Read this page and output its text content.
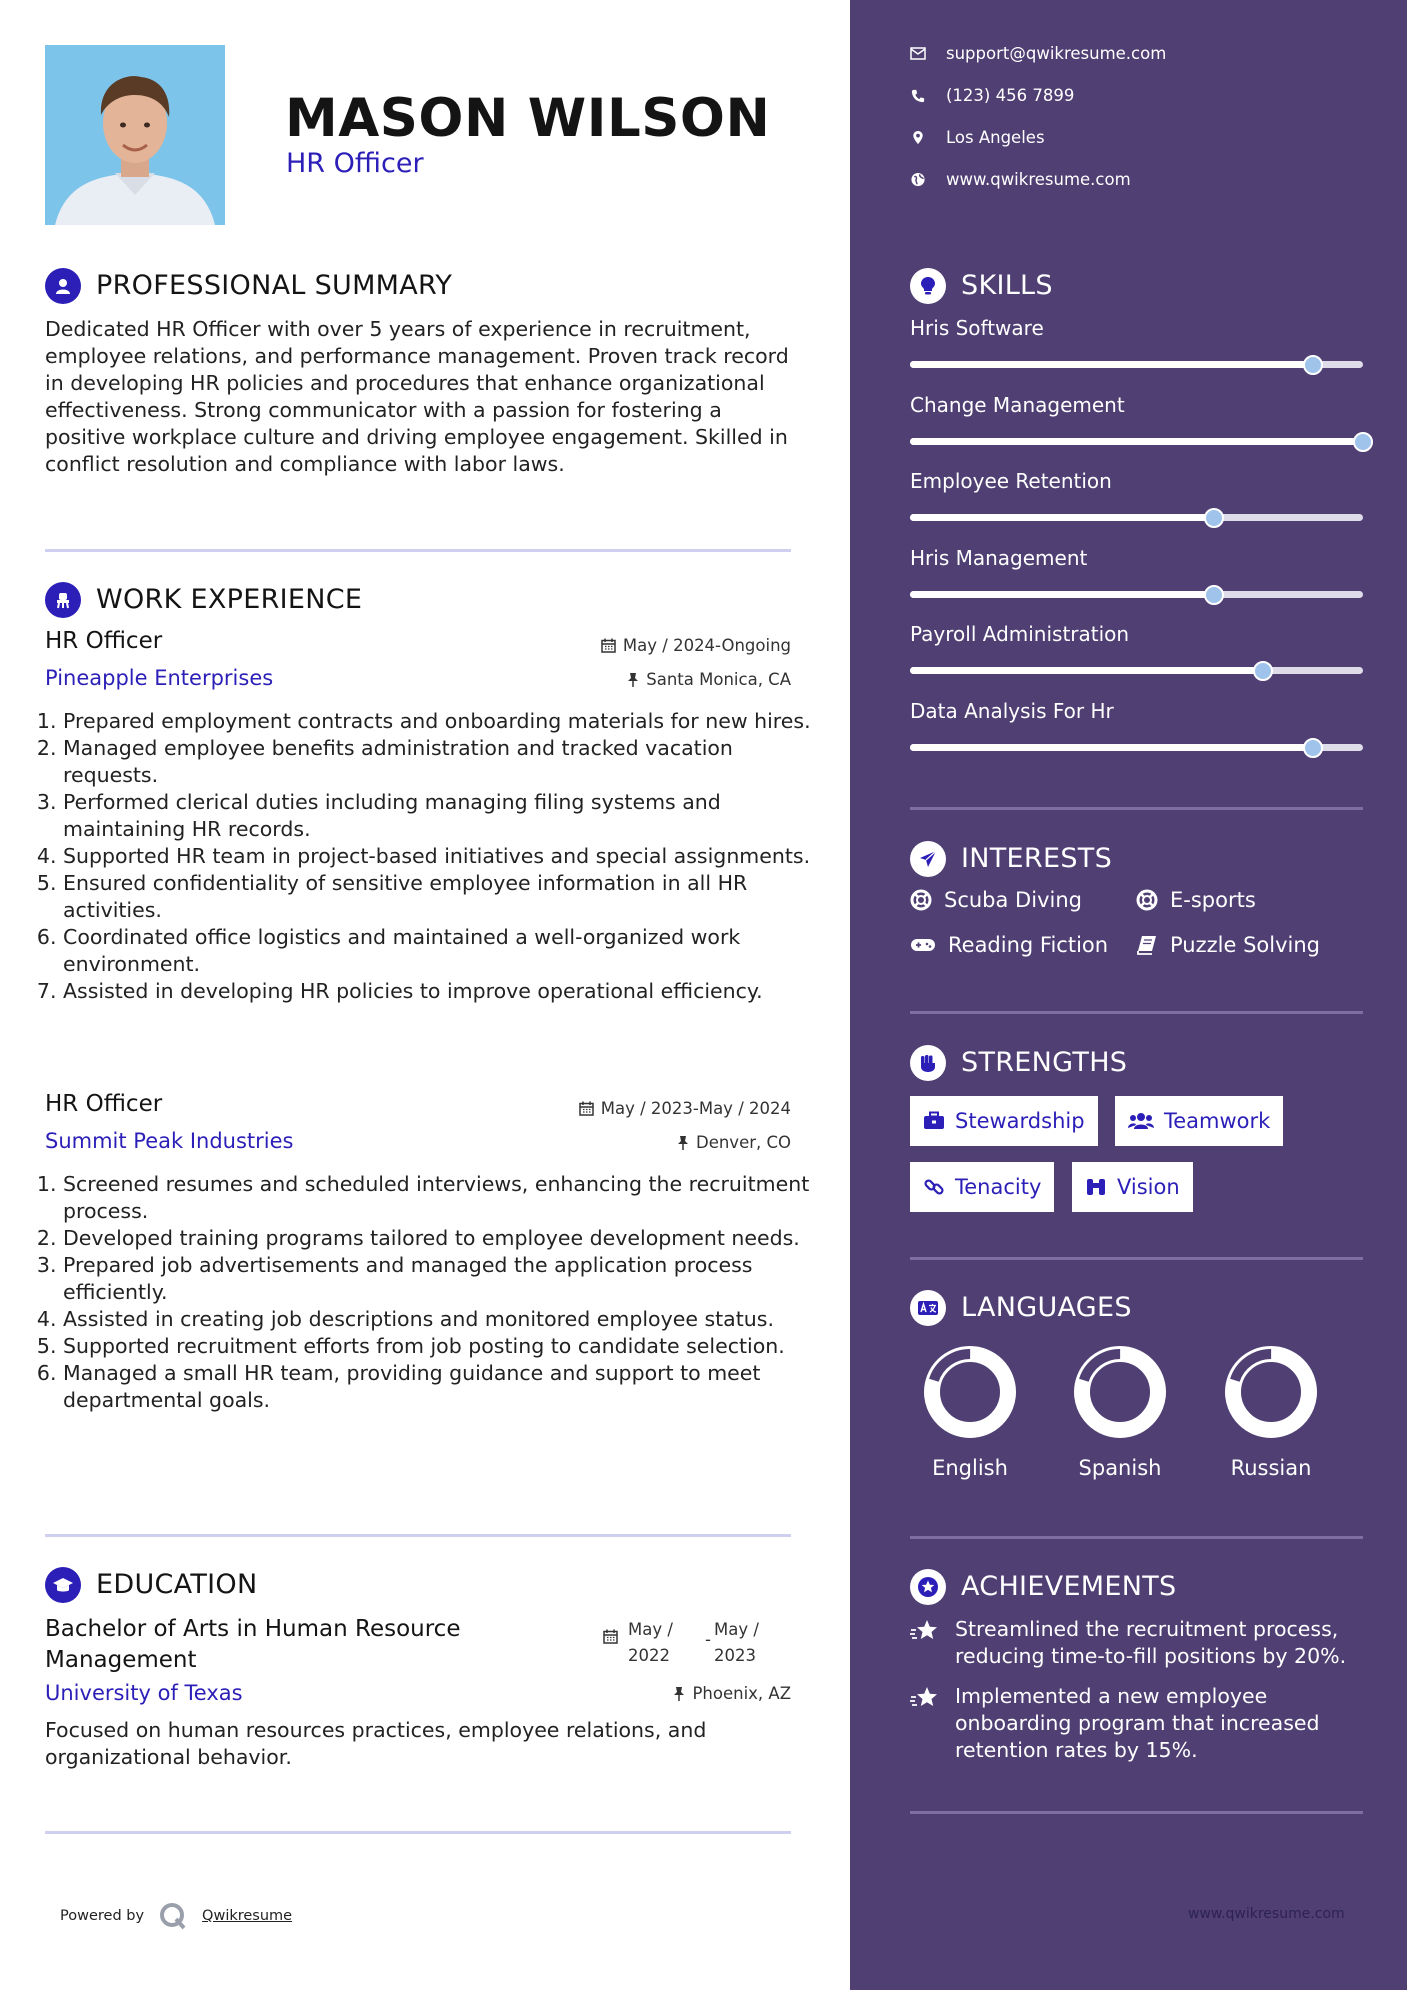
MASON WILSON
HR Officer
PROFESSIONAL SUMMARY
Dedicated HR Officer with over 5 years of experience in recruitment, employee relations, and performance management. Proven track record in developing HR policies and procedures that enhance organizational effectiveness. Strong communicator with a passion for fostering a positive workplace culture and driving employee engagement. Skilled in conflict resolution and compliance with labor laws.
WORK EXPERIENCE
HR Officer	May / 2024-Ongoing
Pineapple Enterprises	Santa Monica, CA
1. Prepared employment contracts and onboarding materials for new hires.
2. Managed employee benefits administration and tracked vacation requests.
3. Performed clerical duties including managing filing systems and maintaining HR records.
4. Supported HR team in project-based initiatives and special assignments.
5. Ensured confidentiality of sensitive employee information in all HR activities.
6. Coordinated office logistics and maintained a well-organized work environment.
7. Assisted in developing HR policies to improve operational efficiency.
HR Officer	May / 2023-May / 2024
Summit Peak Industries	Denver, CO
1. Screened resumes and scheduled interviews, enhancing the recruitment process.
2. Developed training programs tailored to employee development needs.
3. Prepared job advertisements and managed the application process efficiently.
4. Assisted in creating job descriptions and monitored employee status.
5. Supported recruitment efforts from job posting to candidate selection.
6. Managed a small HR team, providing guidance and support to meet departmental goals.
EDUCATION
Bachelor of Arts in Human Resource
Management
May /
2022
-
May /
2023
University of Texas	Phoenix, AZ
Focused on human resources practices, employee relations, and organizational behavior.
Powered by	Qwikresume
support@qwikresume.com
(123) 456 7899
Los Angeles
www.qwikresume.com
SKILLS
Hris Software
Change Management
Employee Retention
Hris Management
Payroll Administration
Data Analysis For Hr
INTERESTS
Scuba Diving	E-sports
Reading Fiction	Puzzle Solving
STRENGTHS
Stewardship	Teamwork
Tenacity	Vision
LANGUAGES
English	Spanish	Russian
ACHIEVEMENTS
Streamlined the recruitment process, reducing time-to-fill positions by 20%.
Implemented a new employee onboarding program that increased retention rates by 15%.
www.qwikresume.com
